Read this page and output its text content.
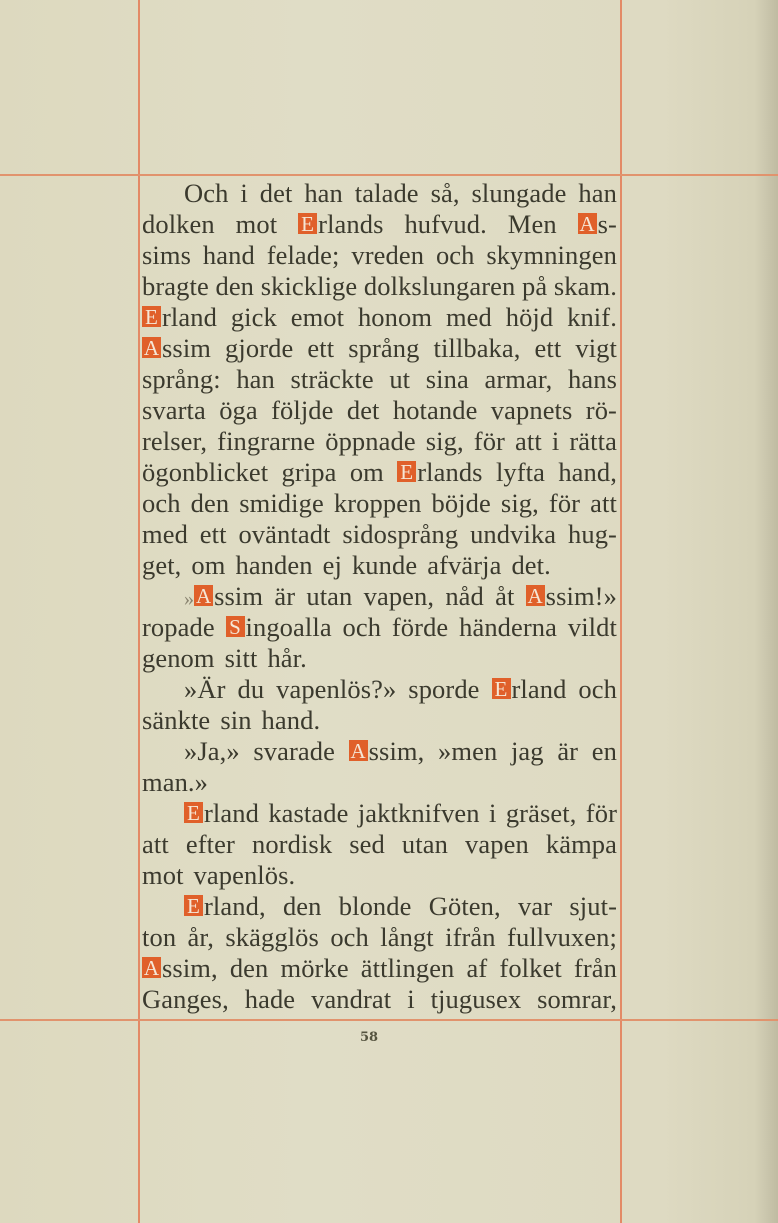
Och i det han talade så, slungade han
dolken mot E rlands hufvud. Men A s-
sims hand felade; vreden och skymningen
bragte den skicklige dolkslungaren på skam.
E rland gick emot honom med höjd knif.
A ssim gjorde ett språng tillbaka, ett vigt
språng: han sträckte ut sina armar, hans
svarta öga följde det hotande vapnets rö-
relser, fingrarne öppnade sig, för att i rätta
ögonblicket gripa om E rlands lyfta hand,
och den smidige kroppen böjde sig, för att
med ett oväntadt sidosprång undvika hug-
get, om handen ej kunde afvärja det.
»A ssim är utan vapen, nåd åt A ssim!»
ropade S ingoalla och förde händerna vildt
genom sitt hår.
»Är du vapenlös?» sporde E rland och
sänkte sin hand.
»Ja,» svarade A ssim, »men jag är en
man.»
E rland kastade jaktknifven i gräset, för
att efter nordisk sed utan vapen kämpa
mot vapenlös.
E rland, den blonde Göten, var sjut-
ton år, skägglös och långt ifrån fullvuxen;
A ssim, den mörke ättlingen af folket från
Ganges, hade vandrat i tjugusex somrar,
58
